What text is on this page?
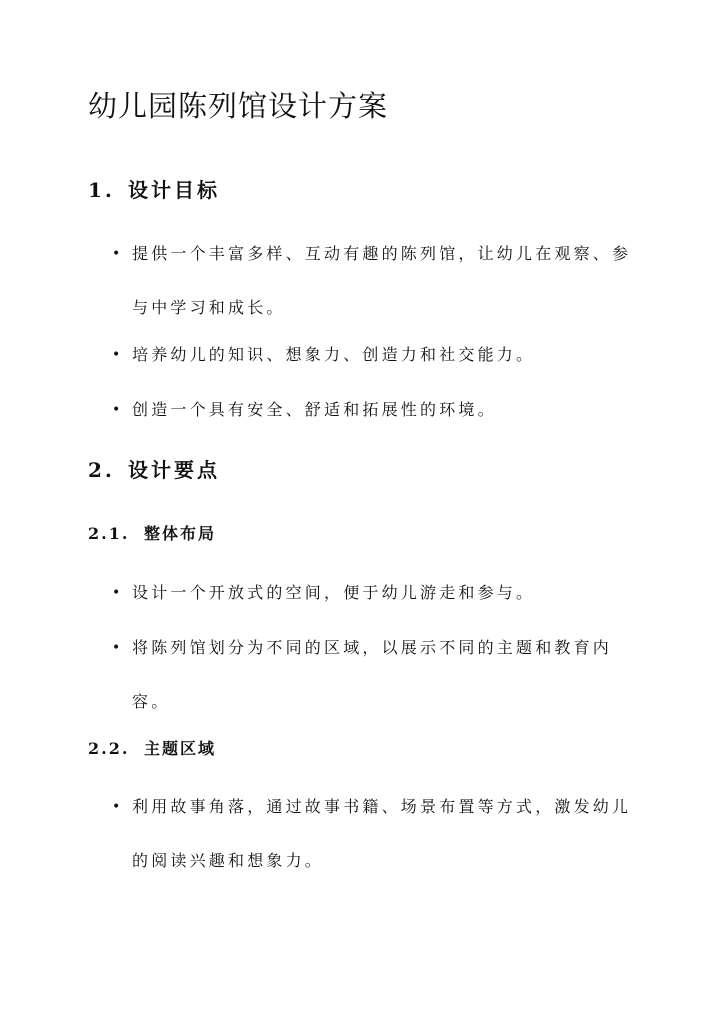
幼儿园陈列馆设计方案
1. 设计目标
• 提供一个丰富多样、互动有趣的陈列馆，让幼儿在观察、参与中学习和成长。
• 培养幼儿的知识、想象力、创造力和社交能力。
• 创造一个具有安全、舒适和拓展性的环境。
2. 设计要点
2.1. 整体布局
• 设计一个开放式的空间，便于幼儿游走和参与。
• 将陈列馆划分为不同的区域，以展示不同的主题和教育内容。
2.2. 主题区域
• 利用故事角落，通过故事书籍、场景布置等方式，激发幼儿的阅读兴趣和想象力。
